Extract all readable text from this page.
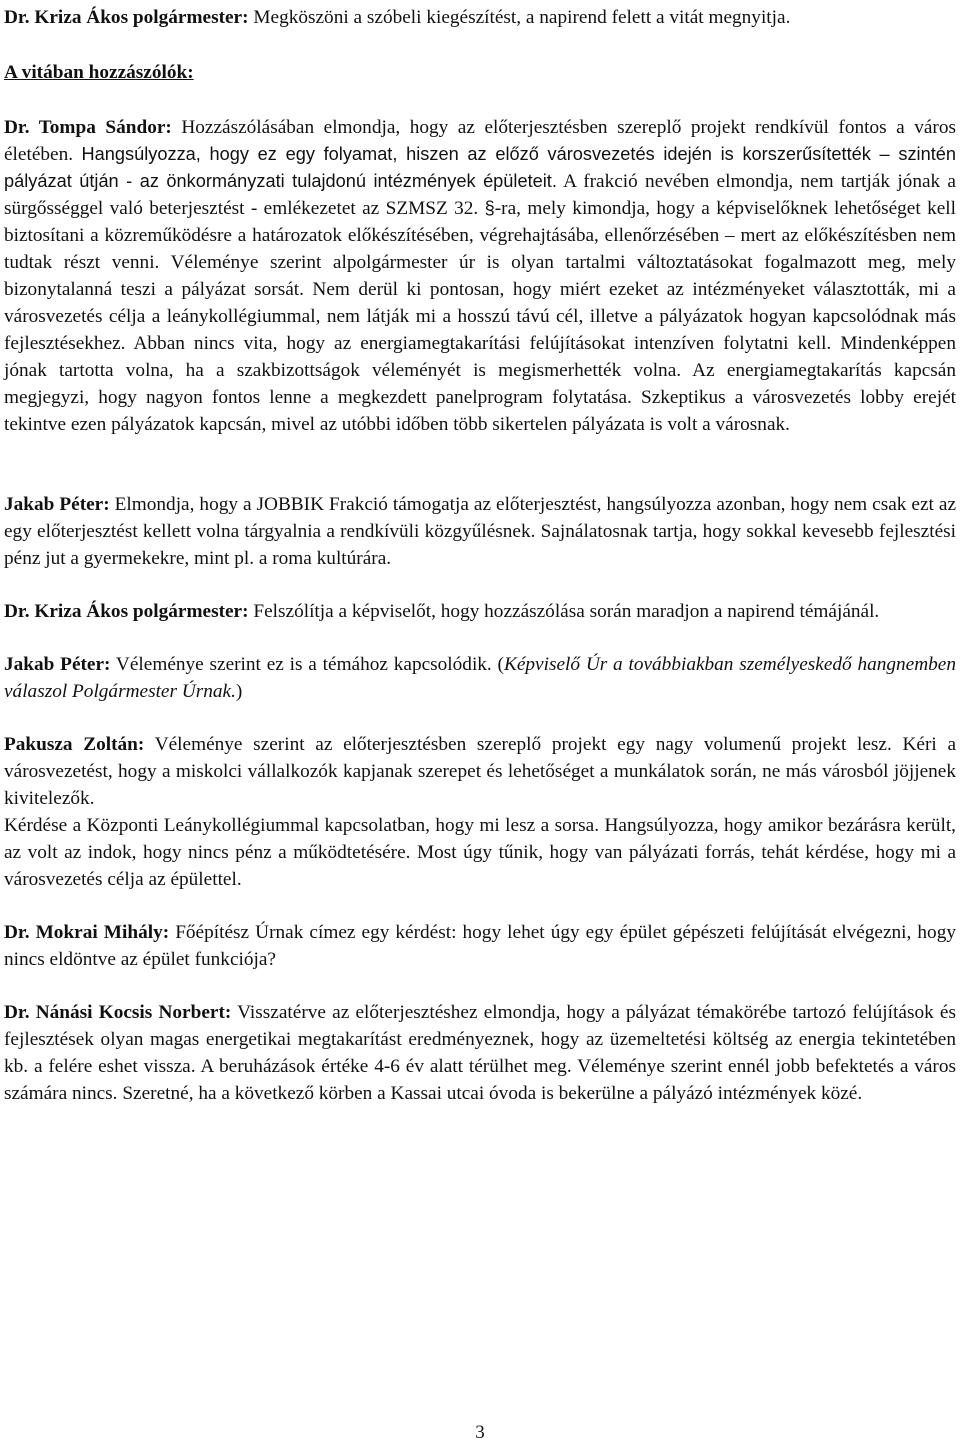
Dr. Kriza Ákos polgármester: Megköszöni a szóbeli kiegészítést, a napirend felett a vitát megnyitja.

A vitában hozzászólók:

Dr. Tompa Sándor: Hozzászólásában elmondja, hogy az előterjesztésben szereplő projekt rendkívül fontos a város életében. Hangsúlyozza, hogy ez egy folyamat, hiszen az előző városvezetés idején is korszerűsítették – szintén pályázat útján - az önkormányzati tulajdonú intézmények épületeit. A frakció nevében elmondja, nem tartják jónak a sürgősséggel való beterjesztést - emlékezetet az SZMSZ 32. §-ra, mely kimondja, hogy a képviselőknek lehetőséget kell biztosítani a közreműködésre a határozatok előkészítésében, végrehajtásába, ellenőrzésében – mert az előkészítésben nem tudtak részt venni. Véleménye szerint alpolgármester úr is olyan tartalmi változtatásokat fogalmazott meg, mely bizonytalanná teszi a pályázat sorsát. Nem derül ki pontosan, hogy miért ezeket az intézményeket választották, mi a városvezetés célja a leánykollégiummal, nem látják mi a hosszú távú cél, illetve a pályázatok hogyan kapcsolódnak más fejlesztésekhez. Abban nincs vita, hogy az energiamegtakarítási felújításokat intenzíven folytatni kell. Mindenképpen jónak tartotta volna, ha a szakbizottságok véleményét is megismerhették volna. Az energiamegtakarítás kapcsán megjegyzi, hogy nagyon fontos lenne a megkezdett panelprogram folytatása. Szkeptikus a városvezetés lobby erejét tekintve ezen pályázatok kapcsán, mivel az utóbbi időben több sikertelen pályázata is volt a városnak.

Jakab Péter: Elmondja, hogy a JOBBIK Frakció támogatja az előterjesztést, hangsúlyozza azonban, hogy nem csak ezt az egy előterjesztést kellett volna tárgyalnia a rendkívüli közgyűlésnek. Sajnálatosnak tartja, hogy sokkal kevesebb fejlesztési pénz jut a gyermekekre, mint pl. a roma kultúrára.

Dr. Kriza Ákos polgármester: Felszólítja a képviselőt, hogy hozzászólása során maradjon a napirend témájánál.

Jakab Péter: Véleménye szerint ez is a témához kapcsolódik. (Képviselő Úr a továbbiakban személyeskedő hangnemben válaszol Polgármester Úrnak.)

Pakusza Zoltán: Véleménye szerint az előterjesztésben szereplő projekt egy nagy volumenű projekt lesz. Kéri a városvezetést, hogy a miskolci vállalkozók kapjanak szerepet és lehetőséget a munkálatok során, ne más városból jöjjenek kivitelezők.

Kérdése a Központi Leánykollégiummal kapcsolatban, hogy mi lesz a sorsa. Hangsúlyozza, hogy amikor bezárásra került, az volt az indok, hogy nincs pénz a működtetésére. Most úgy tűnik, hogy van pályázati forrás, tehát kérdése, hogy mi a városvezetés célja az épülettel.

Dr. Mokrai Mihály: Főépítész Úrnak címez egy kérdést: hogy lehet úgy egy épület gépészeti felújítását elvégezni, hogy nincs eldöntve az épület funkciója?

Dr. Nánási Kocsis Norbert: Visszatérve az előterjesztéshez elmondja, hogy a pályázat témakörébe tartozó felújítások és fejlesztések olyan magas energetikai megtakarítást eredményeznek, hogy az üzemeltetési költség az energia tekintetében kb. a felére eshet vissza. A beruházások értéke 4-6 év alatt térülhet meg. Véleménye szerint ennél jobb befektetés a város számára nincs. Szeretné, ha a következő körben a Kassai utcai óvoda is bekerülne a pályázó intézmények közé.

3
